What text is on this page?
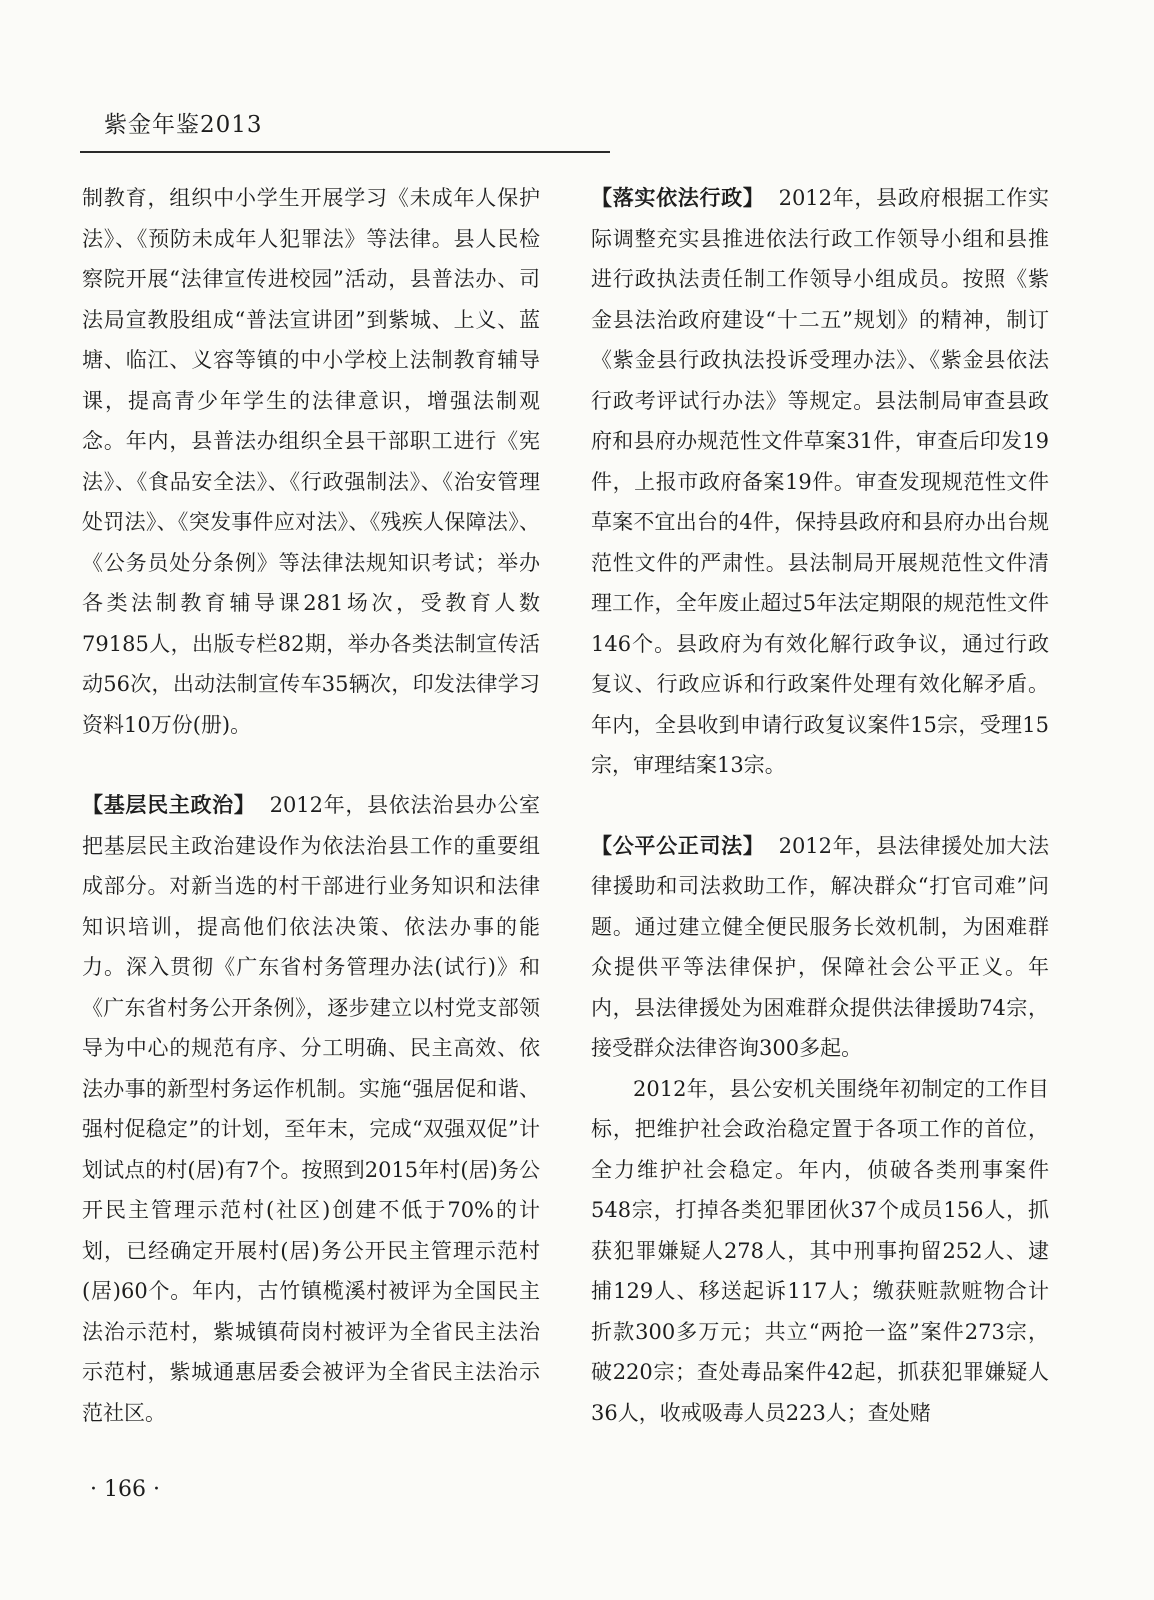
紫金年鉴2013

制教育，组织中小学生开展学习《未成年人保护法》、《预防未成年人犯罪法》等法律。县人民检察院开展“法律宣传进校园”活动，县普法办、司法局宣教股组成“普法宣讲团”到紫城、上义、蓝塘、临江、义容等镇的中小学校上法制教育辅导课，提高青少年学生的法律意识，增强法制观念。年内，县普法办组织全县干部职工进行《宪法》、《食品安全法》、《行政强制法》、《治安管理处罚法》、《突发事件应对法》、《残疾人保障法》、《公务员处分条例》等法律法规知识考试；举办各类法制教育辅导课281场次，受教育人数79185人，出版专栏82期，举办各类法制宣传活动56次，出动法制宣传车35辆次，印发法律学习资料10万份(册)。

【基层民主政治】 2012年，县依法治县办公室把基层民主政治建设作为依法治县工作的重要组成部分。对新当选的村干部进行业务知识和法律知识培训，提高他们依法决策、依法办事的能力。深入贯彻《广东省村务管理办法(试行)》和《广东省村务公开条例》，逐步建立以村党支部领导为中心的规范有序、分工明确、民主高效、依法办事的新型村务运作机制。实施“强居促和谐、强村促稳定”的计划，至年末，完成“双强双促”计划试点的村(居)有7个。按照到2015年村(居)务公开民主管理示范村(社区)创建不低于70%的计划，已经确定开展村(居)务公开民主管理示范村(居)60个。年内，古竹镇榄溪村被评为全国民主法治示范村，紫城镇荷岗村被评为全省民主法治示范村，紫城通惠居委会被评为全省民主法治示范社区。

【落实依法行政】 2012年，县政府根据工作实际调整充实县推进依法行政工作领导小组和县推进行政执法责任制工作领导小组成员。按照《紫金县法治政府建设“十二五”规划》的精神，制订《紫金县行政执法投诉受理办法》、《紫金县依法行政考评试行办法》等规定。县法制局审查县政府和县府办规范性文件草案31件，审查后印发19件，上报市政府备案19件。审查发现规范性文件草案不宜出台的4件，保持县政府和县府办出台规范性文件的严肃性。县法制局开展规范性文件清理工作，全年废止超过5年法定期限的规范性文件146个。县政府为有效化解行政争议，通过行政复议、行政应诉和行政案件处理有效化解矛盾。年内，全县收到申请行政复议案件15宗，受理15宗，审理结案13宗。

【公平公正司法】 2012年，县法律援处加大法律援助和司法救助工作，解决群众“打官司难”问题。通过建立健全便民服务长效机制，为困难群众提供平等法律保护，保障社会公平正义。年内，县法律援处为困难群众提供法律援助74宗，接受群众法律咨询300多起。

2012年，县公安机关围绕年初制定的工作目标，把维护社会政治稳定置于各项工作的首位，全力维护社会稳定。年内，侦破各类刑事案件548宗，打掉各类犯罪团伙37个成员156人，抓获犯罪嫌疑人278人，其中刑事拘留252人、逮捕129人、移送起诉117人；缴获赃款赃物合计折款300多万元；共立“两抢一盗”案件273宗，破220宗；查处毒品案件42起，抓获犯罪嫌疑人36人，收戒吸毒人员223人；查处赌

· 166 ·
